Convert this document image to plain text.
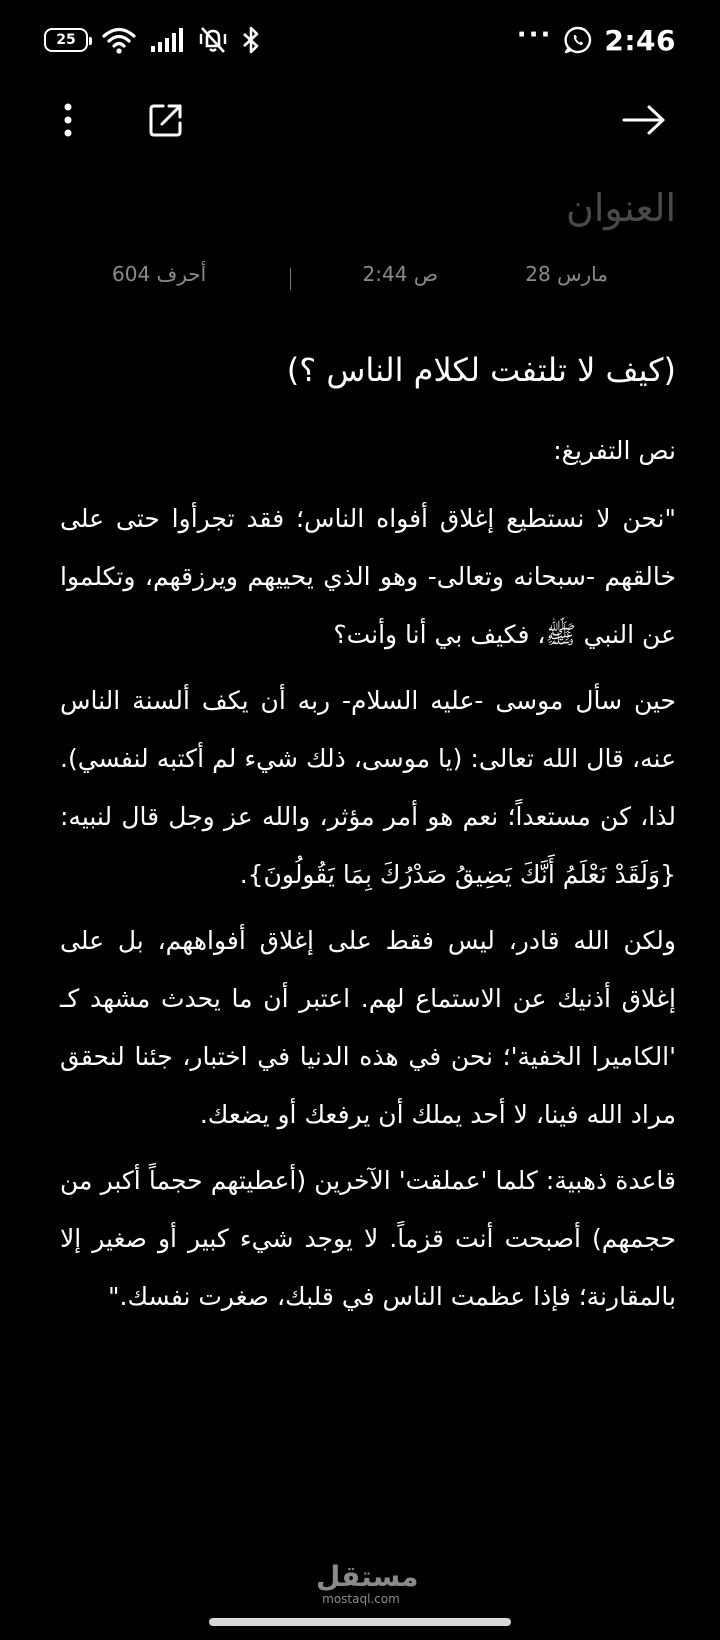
25	··· 2:46
العنوان
28 مارس
2:44 ص
604 أحرف
(كيف لا تلتفت لكلام الناس ؟)

نص التفريغ:

"نحن لا نستطيع إغلاق أفواه الناس؛ فقد تجرأوا حتى على خالقهم -سبحانه وتعالى- وهو الذي يحييهم ويرزقهم، وتكلموا عن النبي ﷺ، فكيف بي أنا وأنت؟

حين سأل موسى -عليه السلام- ربه أن يكف ألسنة الناس عنه، قال الله تعالى: (يا موسى، ذلك شيء لم أكتبه لنفسي). لذا، كن مستعداً؛ نعم هو أمر مؤثر، والله عز وجل قال لنبيه: {وَلَقَدْ نَعْلَمُ أَنَّكَ يَضِيقُ صَدْرُكَ بِمَا يَقُولُونَ}.

ولكن الله قادر، ليس فقط على إغلاق أفواههم، بل على إغلاق أذنيك عن الاستماع لهم. اعتبر أن ما يحدث مشهد كـ 'الكاميرا الخفية'؛ نحن في هذه الدنيا في اختبار، جئنا لنحقق مراد الله فينا، لا أحد يملك أن يرفعك أو يضعك.

قاعدة ذهبية: كلما 'عملقت' الآخرين (أعطيتهم حجماً أكبر من حجمهم) أصبحت أنت قزماً. لا يوجد شيء كبير أو صغير إلا بالمقارنة؛ فإذا عظمت الناس في قلبك، صغرت نفسك."

مستقل
mostaql.com
